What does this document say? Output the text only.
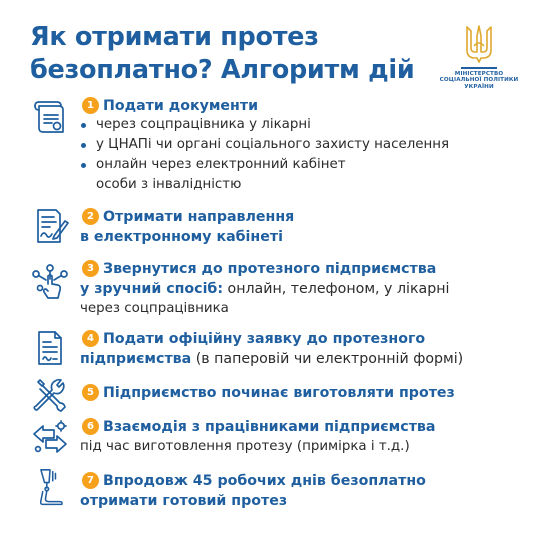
Як отримати протез
безоплатно? Алгоритм дій	МІНІСТЕРСТВО
СОЦІАЛЬНОЇ ПОЛІТИКИ
УКРАЇНИ
1 Подати документи
через соцпрацівника у лікарні
у ЦНАПі чи органі соціального захисту населення
онлайн через електронний кабінет
особи з інвалідністю
2 Отримати направлення
в електронному кабінеті
3 Звернутися до протезного підприємства
у зручний спосіб: онлайн, телефоном, у лікарні
через соцпрацівника
4 Подати офіційну заявку до протезного
підприємства (в паперовій чи електронній формі)
5 Підприємство починає виготовляти протез
6 Взаємодія з працівниками підприємства
під час виготовлення протезу (примірка і т.д.)
7 Впродовж 45 робочих днів безоплатно
отримати готовий протез
